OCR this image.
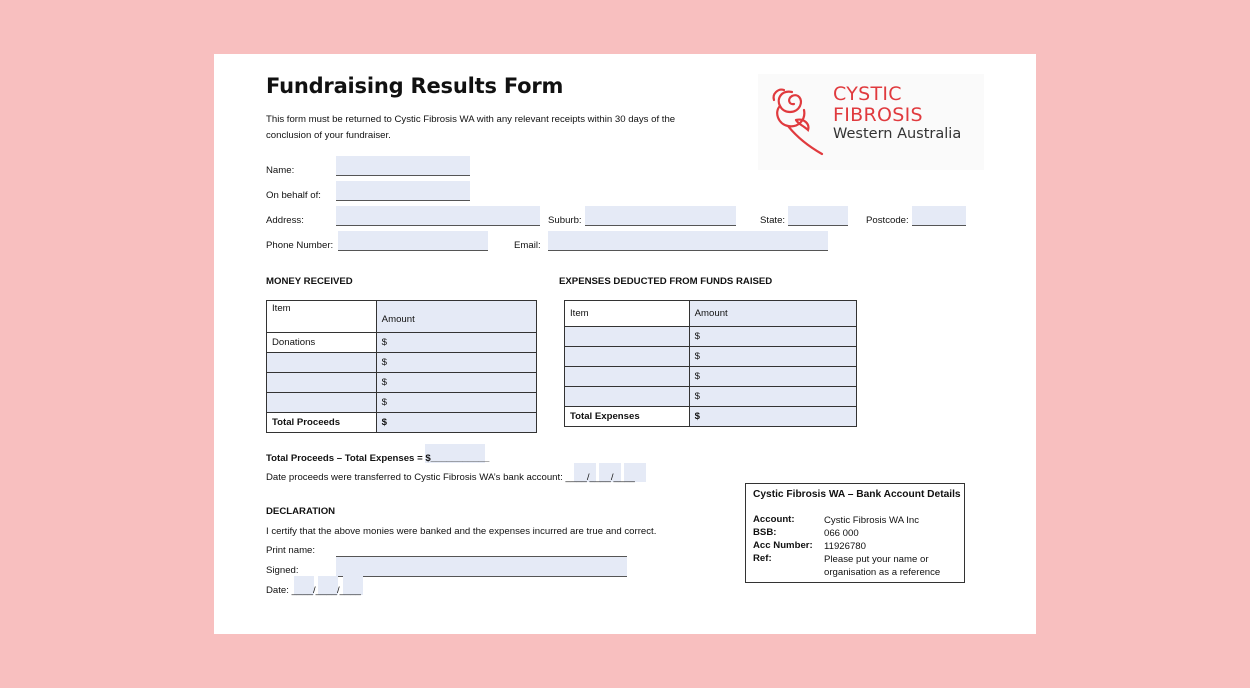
Fundraising Results Form
This form must be returned to Cystic Fibrosis WA with any relevant receipts within 30 days of the conclusion of your fundraiser.
CYSTIC
FIBROSIS
Western Australia
Name:
On behalf of:
Address:	Suburb:	State:	Postcode:
Phone Number:	Email:
MONEY RECEIVED
Item	Amount
Donations	$
	$
	$
	$
Total Proceeds	$
EXPENSES DEDUCTED FROM FUNDS RAISED
Item	Amount
	$
	$
	$
	$
Total Expenses	$
Total Proceeds – Total Expenses = $___________
Date proceeds were transferred to Cystic Fibrosis WA’s bank account: ____/____/____
DECLARATION
I certify that the above monies were banked and the expenses incurred are true and correct.
Print name:
Signed:
Date: ____/____/____
Cystic Fibrosis WA – Bank Account Details
Account:	Cystic Fibrosis WA Inc
BSB:	066 000
Acc Number: 11926780
Ref:	Please put your name or organisation as a reference
